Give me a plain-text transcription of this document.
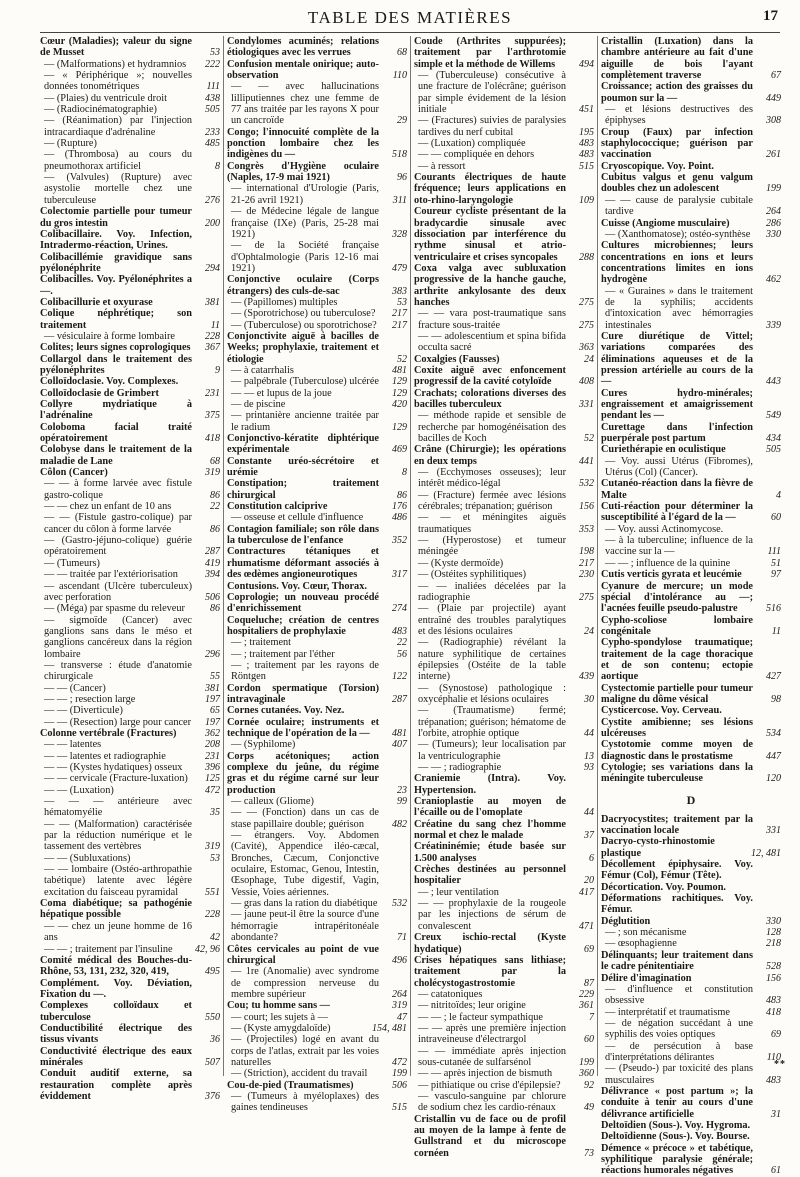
TABLE DES MATIÈRES	17
Cœur (Maladies); valeur du signe de Musset	53
— (Malformations) et hydramnios 222
— « Périphérique »; nouvelles données tonométriques	111
— (Plaies) du ventricule droit	438
— (Radiocinématographie)	505
— (Réanimation) par l'injection intracardiaque d'adrénaline	233
— (Rupture)	485
— (Thrombosa) au cours du pneumothorax artificiel	8
— (Valvules) (Rupture) avec asystolie mortelle chez une tuberculeuse	276
Colectomie partielle pour tumeur du gros intestin	200
Colibacillaire. Voy. Infection, Intradermo-réaction, Urines.
Colibacillémie gravidique sans pyélonéphrite	294
Colibacilles. Voy. Pyélonéphrites a —.
Colibacillurie et oxyurase	381
Colique néphrétique; son traitement	11
— vésiculaire à forme lombaire	228
Colites; leurs signes coprologiques 367
Collargol dans le traitement des pyélonéphrites	9
Colloïdoclasie. Voy. Complexes.
Colloïdoclasie de Grimbert	231
Collyre mydriatique à l'adrénaline	375
Coloboma facial traité opératoirement	418
Colobyse dans le traitement de la maladie de Lane	68
Côlon (Cancer)	319
— — à forme larvée avec fistule gastro-colique	86
— — chez un enfant de 10 ans	22
— — (Fistule gastro-colique) par cancer du côlon à forme larvée	86
— (Gastro-jéjuno-colique) guérie opératoirement	287
— (Tumeurs)	419
— — traitée par l'extériorisation	394
— ascendant (Ulcère tuberculeux) avec perforation	506
— (Méga) par spasme du releveur	86
— sigmoïde (Cancer) avec ganglions sans dans le méso et ganglions cancéreux dans la région lombaire	296
— transverse : étude d'anatomie chirurgicale	55
— — (Cancer)	381
— — ; resection large	197
— — (Diverticule)	65
— — (Resection) large pour cancer 197
Colonne vertébrale (Fractures)	362
— — latentes	208
— — latentes et radiographie	231
— — (Kystes hydatiques) osseux 396
— — cervicale (Fracture-luxation) 125
— — (Luxation)	472
— — — antérieure avec hématomyélie	35
— — (Malformation) caractérisée par la réduction numérique et le tassement des vertèbres	319
— — (Subluxations)	53
— — lombaire (Ostéo-arthropathie tabétique) latente avec légère excitation du faisceau pyramidal	551
Coma diabétique; sa pathogénie hépatique possible	228
— — chez un jeune homme de 16 ans	42
— — ; traitement par l'insuline 42, 96
Comité médical des Bouches-du-Rhône, 53, 131, 232, 320, 419,	495
Complément. Voy. Déviation, Fixation du —.
Complexes colloïdaux et tuberculose	550
Conductibilité électrique des tissus vivants	36
Conductivité électrique des eaux minérales	507
Conduit auditif externe, sa restauration complète après éviddement	376
Condylomes acuminés; relations étiologiques avec les verrues	68
Confusion mentale onirique; auto-observation	110
— — avec hallucinations lilliputiennes chez une femme de 77 ans traitée par les rayons X pour un cancroïde	29
Congo; l'innocuité complète de la ponction lombaire chez les indigènes du —	518
Congrès d'Hygiène oculaire (Naples, 17-9 mai 1921)	96
— international d'Urologie (Paris, 21-26 avril 1921)	311
— de Médecine légale de langue française (IXe) (Paris, 25-28 mai 1921)	328
— de la Société française d'Ophtalmologie (Paris 12-16 mai 1921)	479
Conjonctive oculaire (Corps étrangers) des culs-de-sac	383
— (Papillomes) multiples	53
— (Sporotrichose) ou tuberculose? 217
— (Tuberculose) ou sporotrichose? 217
Conjonctivite aiguë à bacilles de Weeks; prophylaxie, traitement et étiologie	52
— à catarrhalis	481
— palpébrale (Tuberculose) ulcérée 129
— — et lupus de la joue	129
— de piscine	420
— printanière ancienne traitée par le radium	129
Conjonctivo-kératite diphtérique expérimentale	469
Constante uréo-sécrétoire et urémie	8
Constipation; traitement chirurgical	86
Constitution calciprive	176
— osseuse et cellule d'influence	486
Contagion familiale; son rôle dans la tuberculose de l'enfance	352
Contractures tétaniques et rhumatisme déformant associés à des œdèmes angioneurotiques	317
Contusions. Voy. Cœur, Thorax.
Coprologie; un nouveau procédé d'enrichissement	274
Coqueluche; création de centres hospitaliers de prophylaxie	483
— ; traitement	22
— ; traitement par l'éther	56
— ; traitement par les rayons de Röntgen	122
Cordon spermatique (Torsion) intravaginale	287
Cornes cutanées. Voy. Nez.
Cornée oculaire; instruments et technique de l'opération de la — 481
— (Syphilome)	407
Corps acétoniques; action complexe du jeûne, du régime gras et du régime carné sur leur production	23
— calleux (Gliome)	99
— — (Fonction) dans un cas de stase papillaire double; guérison	482
— étrangers. Voy. Abdomen (Cavité), Appendice iléo-cæcal, Bronches, Cæcum, Conjonctive oculaire, Estomac, Genou, Intestin, Œsophage, Tube digestif, Vagin, Vessie, Voies aériennes.
— gras dans la ration du diabétique 532
— jaune peut-il être la source d'une hémorragie intrapéritonéale abondante?	71
Côtes cervicales au point de vue chirurgical	496
— 1re (Anomalie) avec syndrome de compression nerveuse du membre supérieur	264
Cou; tu homme sans —	319
— court; les sujets à —	47
— (Kyste amygdaloïde)	154, 481
— (Projectiles) logé en avant du corps de l'atlas, extrait par les voies naturelles	472
— (Striction), accident du travail 199
Cou-de-pied (Traumatismes)	506
— (Tumeurs à myéloplaxes) des gaines tendineuses	515
Coude (Arthrites suppurées); traitement par l'arthrotomie simple et la méthode de Willems 494
— (Tuberculeuse) consécutive à une fracture de l'olécrâne; guérison par simple évidement de la lésion initiale	451
— (Fractures) suivies de paralysies tardives du nerf cubital	195
— (Luxation) compliquée	483
— — compliquée en dehors	483
— à ressort	515
Courants électriques de haute fréquence; leurs applications en oto-rhino-laryngologie	109
Coureur cycliste présentant de la bradycardie sinusale avec dissociation par interférence du rythme sinusal et atrio-ventriculaire et crises syncopales 288
Coxa valga avec subluxation progressive de la hanche gauche, arthrite ankylosante des deux hanches	275
— — vara post-traumatique sans fracture sous-traitée	275
— — adolescentium et spina bifida occulta sacré	363
Coxalgies (Fausses)	24
Coxite aiguë avec enfoncement progressif de la cavité cotyloïde	408
Crachats; colorations diverses des bacilles tuberculeux	331
— méthode rapide et sensible de recherche par homogénéisation des bacilles de Koch	52
Crâne (Chirurgie); les opérations en deux temps	441
— (Ecchymoses osseuses); leur intérêt médico-légal	532
— (Fracture) fermée avec lésions cérébrales; trépanation; guérison	156
— — et méningites aiguës traumatiques	353
— (Hyperostose) et tumeur méningée	198
— (Kyste dermoïde)	217
— (Ostéites syphilitiques)	230
— — inaliées décelées par la radiographie	275
— (Plaie par projectile) ayant entraîné des troubles paralytiques et des lésions oculaires	24
— (Radiographie) révélant la nature syphilitique de certaines épilepsies (Ostéite de la table interne)	439
— (Synostose) pathologique : oxycéphalie et lésions oculaires	30
— (Traumatisme) fermé; trépanation; guérison; hématome de l'orbite, atrophie optique	44
— (Tumeurs); leur localisation par la ventriculographie	13
— — ; radiographie	93
Craniemie (Intra). Voy. Hypertension.
Cranioplastie au moyen de l'écaille ou de l'omoplate	44
Créatine du sang chez l'homme normal et chez le malade	37
Créatininémie; étude basée sur 1.500 analyses	6
Crèches destinées au personnel hospitalier	20
— ; leur ventilation	417
— — prophylaxie de la rougeole par les injections de sérum de convalescent	471
Creux ischio-rectal (Kyste hydatique)	69
Crises hépatiques sans lithiase; traitement par la cholécystogastrostomie	87
— catatoniques	229
— nitritoïdes; leur origine	361
— — ; le facteur sympathique	7
— — après une première injection intraveineuse d'électrargol	60
— — immédiate après injection sous-cutanée de sulfarsénol	199
— — après injection de bismuth	360
— pithiatique ou crise d'épilepsie? 92
— vasculo-sanguine par chlorure de sodium chez les cardio-rénaux	49
Cristallin vu de face ou de profil au moyen de la lampe à fente de Gullstrand et du microscope cornéen	73
Cristallin (Luxation) dans la chambre antérieure au fait d'une aiguille de bois l'ayant complètement traverse	67
Croissance; action des graisses du poumon sur la —	449
— et lésions destructives des épiphyses	308
Croup (Faux) par infection staphylococcique; guérison par vaccination	261
Cryoscopique. Voy. Point.
Cubitus valgus et genu valgum doubles chez un adolescent	199
— — cause de paralysie cubitale tardive	264
Cuisse (Angiome musculaire)	286
— (Xanthomatose); ostéo-synthèse 330
Cultures microbiennes; leurs concentrations en ions et leurs concentrations limites en ions hydrogène	462
— « Guraines » dans le traitement de la syphilis; accidents d'intoxication avec hémorragies intestinales	339
Cure diurétique de Vittel; variations comparées des éliminations aqueuses et de la pression artérielle au cours de la —	443
Cures hydro-minérales; engraissement et amaigrissement pendant les —	549
Curettage dans l'infection puerpérale post partum	434
Curiethérapie en oculistique	505
— Voy. aussi Utérus (Fibromes), Utérus (Col) (Cancer).
Cutanéo-réaction dans la fièvre de Malte	4
Cuti-réaction pour déterminer la susceptibilité à l'égard de la —	60
— Voy. aussi Actinomycose.
— à la tuberculine; influence de la vaccine sur la —	111
— — ; influence de la quinine	51
Cutis verticis gyrata et leucémie	97
Cyanure de mercure; un mode spécial d'intolérance au —; l'acnées feuille pseudo-palustre	516
Cypho-scoliose lombaire congénitale	11
Cypho-spondylose traumatique; traitement de la cage thoracique et de son contenu; ectopie aortique	427
Cystectomie partielle pour tumeur maligne du dôme vésical	98
Cysticercose. Voy. Cerveau.
Cystite amibienne; ses lésions ulcéreuses	534
Cystotomie comme moyen de diagnostic dans le prostatisme	447
Cytologie; ses variations dans la méningite tuberculeuse	120
D
Dacryocystites; traitement par la vaccination locale	331
Dacryo-cysto-rhinostomie plastique	12, 481
Décollement épiphysaire. Voy. Fémur (Col), Fémur (Tête).
Décortication. Voy. Poumon.
Déformations rachitiques. Voy. Fémur.
Déglutition	330
— ; son mécanisme	128
— œsophagienne	218
Délinquants; leur traitement dans le cadre pénitentiaire	528
Délire d'imagination	156
— d'influence et constitution obsessive	483
— interprétatif et traumatisme	418
— de négation succédant à une syphilis des voies optiques	69
— de persécution à base d'interprétations délirantes	110
— (Pseudo-) par toxicité des plans musculaires	483
Délivrance « post partum »; la conduite à tenir au cours d'une délivrance artificielle	31
Deltoïdien (Sous-). Voy. Hygroma.
Deltoïdienne (Sous-). Voy. Bourse.
Démence « précoce » et tabétique, syphilitique paralysie générale; réactions humorales négatives	61
**
